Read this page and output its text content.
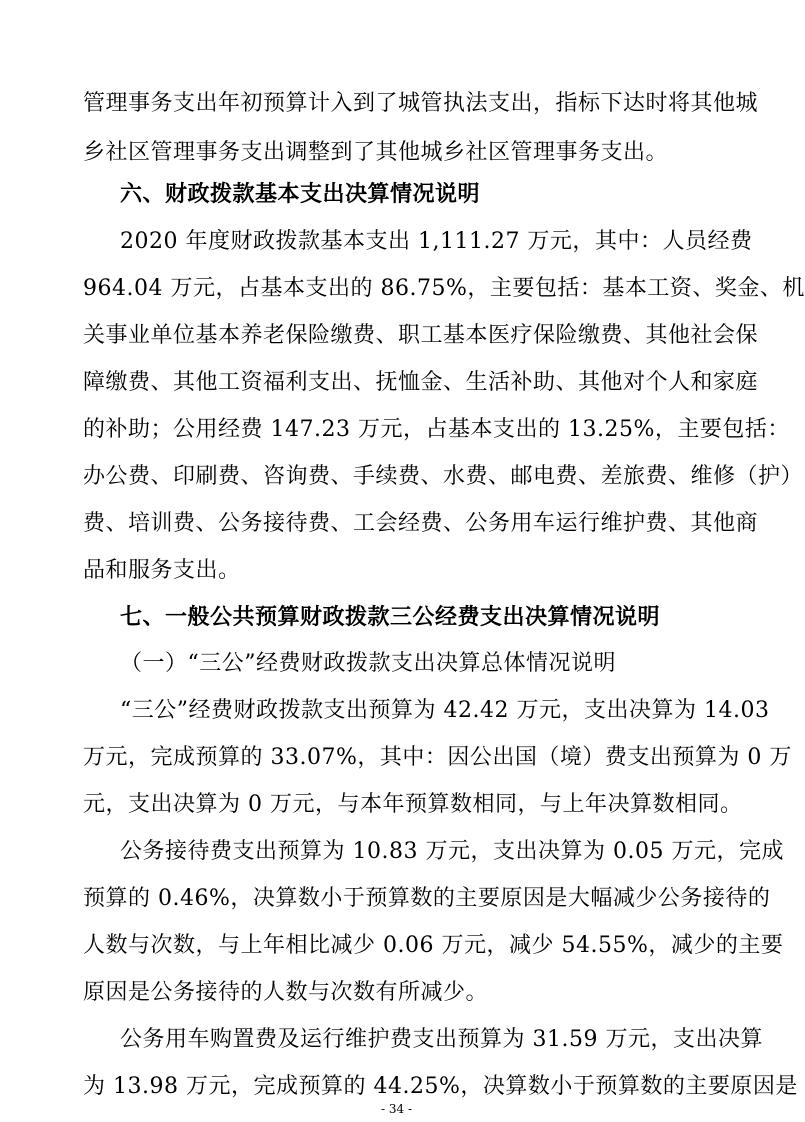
管理事务支出年初预算计入到了城管执法支出，指标下达时将其他城
乡社区管理事务支出调整到了其他城乡社区管理事务支出。
六、财政拨款基本支出决算情况说明
2020 年度财政拨款基本支出 1,111.27 万元，其中：人员经费
964.04 万元，占基本支出的 86.75%，主要包括：基本工资、奖金、机
关事业单位基本养老保险缴费、职工基本医疗保险缴费、其他社会保
障缴费、其他工资福利支出、抚恤金、生活补助、其他对个人和家庭
的补助；公用经费 147.23 万元，占基本支出的 13.25%，主要包括：
办公费、印刷费、咨询费、手续费、水费、邮电费、差旅费、维修（护）
费、培训费、公务接待费、工会经费、公务用车运行维护费、其他商
品和服务支出。
七、一般公共预算财政拨款三公经费支出决算情况说明
（一）“三公”经费财政拨款支出决算总体情况说明
“三公”经费财政拨款支出预算为 42.42 万元，支出决算为 14.03
万元，完成预算的 33.07%，其中：因公出国（境）费支出预算为 0 万
元，支出决算为 0 万元，与本年预算数相同，与上年决算数相同。
公务接待费支出预算为 10.83 万元，支出决算为 0.05 万元，完成
预算的 0.46%，决算数小于预算数的主要原因是大幅减少公务接待的
人数与次数，与上年相比减少 0.06 万元，减少 54.55%，减少的主要
原因是公务接待的人数与次数有所减少。
公务用车购置费及运行维护费支出预算为 31.59 万元，支出决算
为 13.98 万元，完成预算的 44.25%，决算数小于预算数的主要原因是
- 34 -
